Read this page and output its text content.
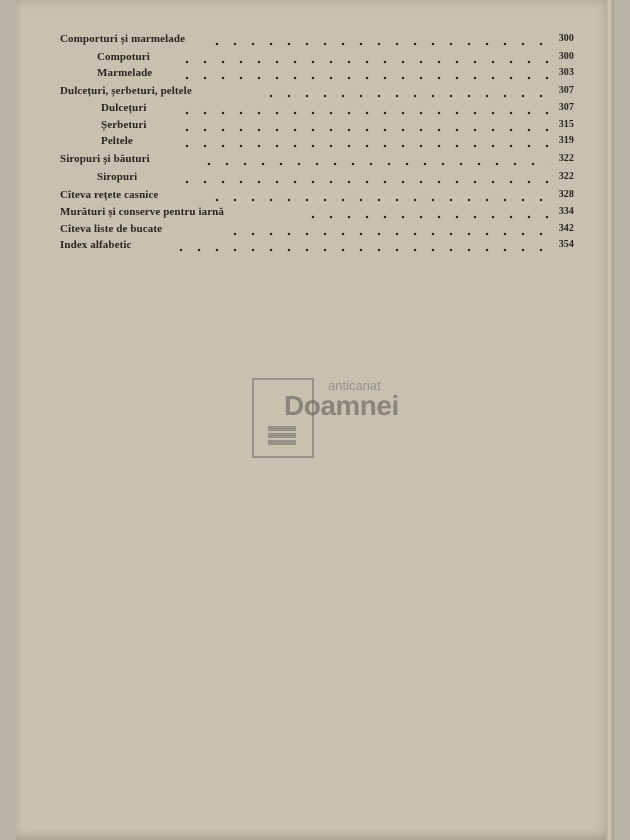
Comporturi și marmelade	300
Compoturi	300
Marmelade	303
Dulcețuri, șerbeturi, peltele	307
Dulcețuri	307
Șerbeturi	315
Peltele	319
Siropuri și băuturi	322
Siropuri	322
Cîteva rețete casnice	328
Murături și conserve pentru iarnă	334
Cîteva liste de bucate	342
Index alfabetic	354
anticariat
Doamnei
